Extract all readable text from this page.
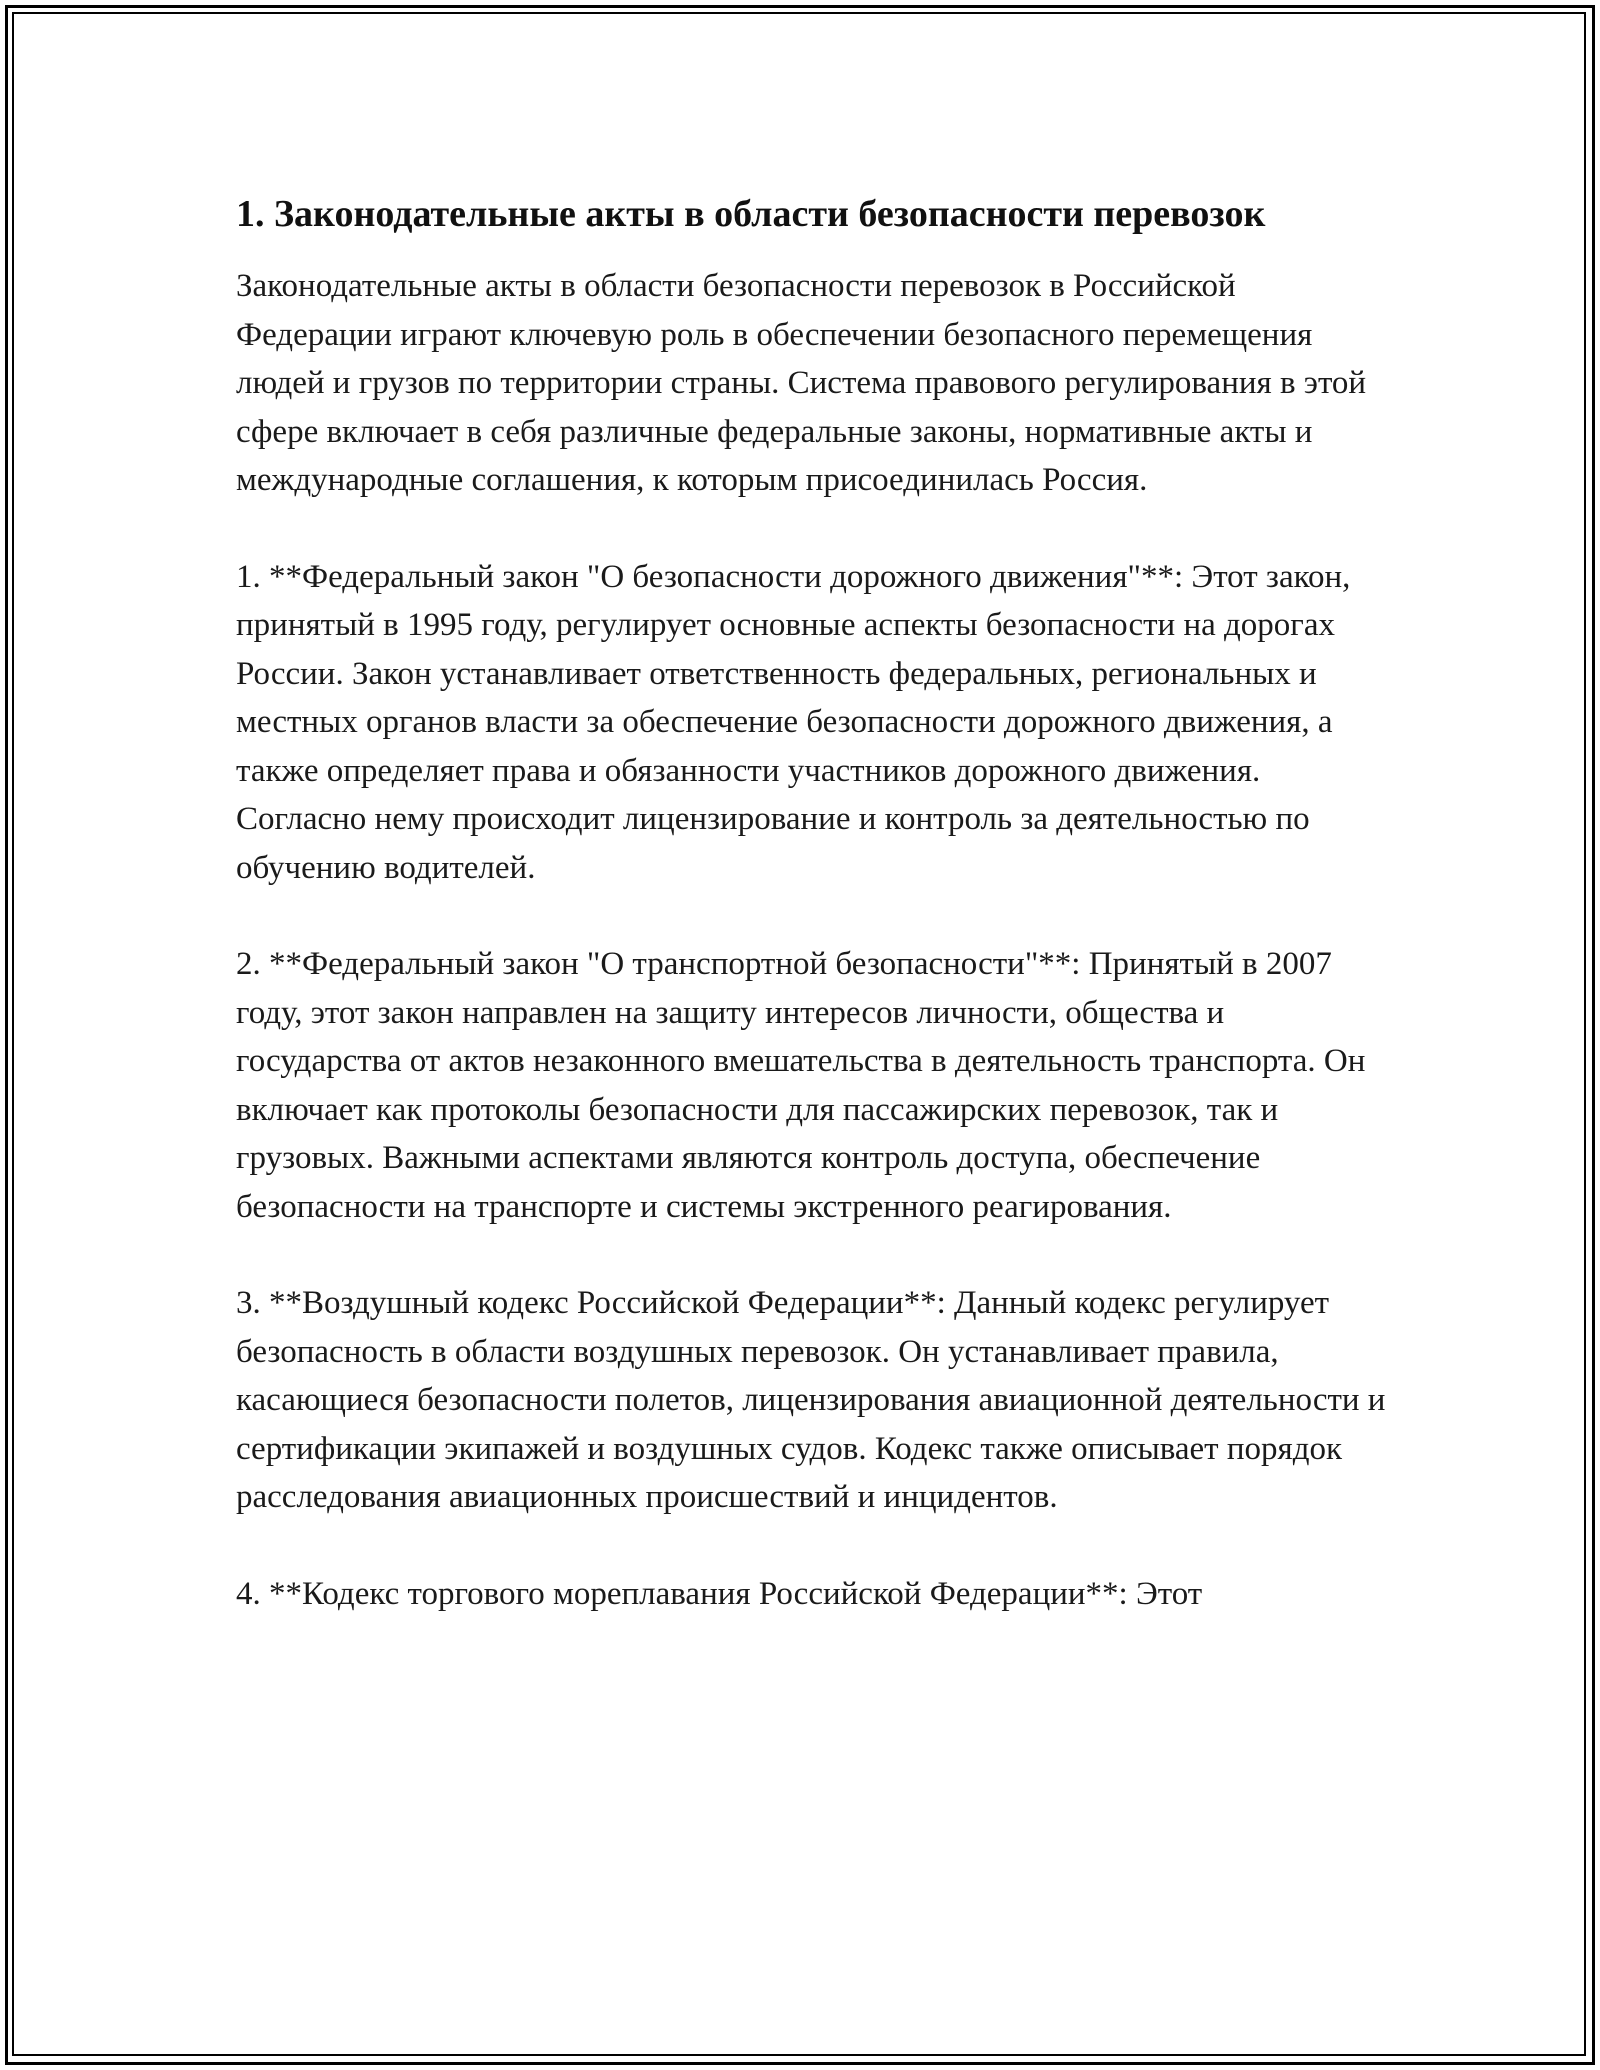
1. Законодательные акты в области безопасности перевозок

Законодательные акты в области безопасности перевозок в Российской Федерации играют ключевую роль в обеспечении безопасного перемещения людей и грузов по территории страны. Система правового регулирования в этой сфере включает в себя различные федеральные законы, нормативные акты и международные соглашения, к которым присоединилась Россия.

1. **Федеральный закон "О безопасности дорожного движения"**: Этот закон, принятый в 1995 году, регулирует основные аспекты безопасности на дорогах России. Закон устанавливает ответственность федеральных, региональных и местных органов власти за обеспечение безопасности дорожного движения, а также определяет права и обязанности участников дорожного движения. Согласно нему происходит лицензирование и контроль за деятельностью по обучению водителей.

2. **Федеральный закон "О транспортной безопасности"**: Принятый в 2007 году, этот закон направлен на защиту интересов личности, общества и государства от актов незаконного вмешательства в деятельность транспорта. Он включает как протоколы безопасности для пассажирских перевозок, так и грузовых. Важными аспектами являются контроль доступа, обеспечение безопасности на транспорте и системы экстренного реагирования.

3. **Воздушный кодекс Российской Федерации**: Данный кодекс регулирует безопасность в области воздушных перевозок. Он устанавливает правила, касающиеся безопасности полетов, лицензирования авиационной деятельности и сертификации экипажей и воздушных судов. Кодекс также описывает порядок расследования авиационных происшествий и инцидентов.

4. **Кодекс торгового мореплавания Российской Федерации**: Этот
